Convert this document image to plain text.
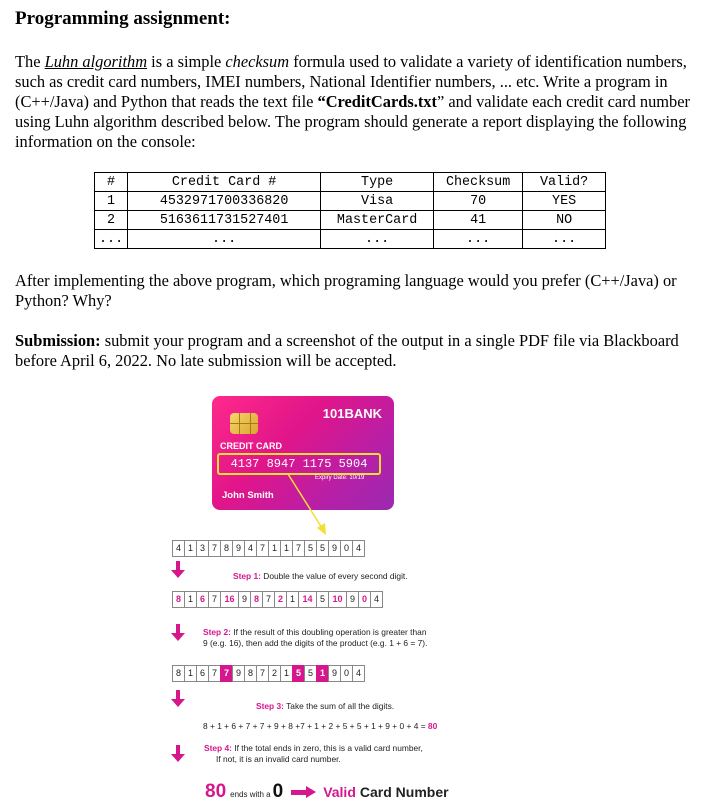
Programming assignment:
The Luhn algorithm is a simple checksum formula used to validate a variety of identification numbers, such as credit card numbers, IMEI numbers, National Identifier numbers, ... etc. Write a program in (C++/Java) and Python that reads the text file “CreditCards.txt” and validate each credit card number using Luhn algorithm described below. The program should generate a report displaying the following information on the console:
#	Credit Card #	Type	Checksum	Valid?
1	4532971700336820	Visa	70	YES
2	5163611731527401	MasterCard	41	NO
...	...	...	...	...
After implementing the above program, which programing language would you prefer (C++/Java) or Python? Why?
Submission: submit your program and a screenshot of the output in a single PDF file via Blackboard before April 6, 2022. No late submission will be accepted.
101BANK
CREDIT CARD
4137 8947 1175 5904
Expiry Date: 10/19
John Smith
4 1 3 7 8 9 4 7 1 1 7 5 5 9 0 4
Step 1: Double the value of every second digit.
8 1 6 7 16 9 8 7 2 1 14 5 10 9 0 4
Step 2: If the result of this doubling operation is greater than
9 (e.g. 16), then add the digits of the product (e.g. 1 + 6 = 7).
8 1 6 7 7 9 8 7 2 1 5 5 1 9 0 4
Step 3: Take the sum of all the digits.
8 + 1 + 6 + 7 + 7 + 9 + 8 +7 + 1 + 2 + 5 + 5 + 1 + 9 + 0 + 4 = 80
Step 4: If the total ends in zero, this is a valid card number,
If not, it is an invalid card number.
80 ends with a 0	Valid Card Number
